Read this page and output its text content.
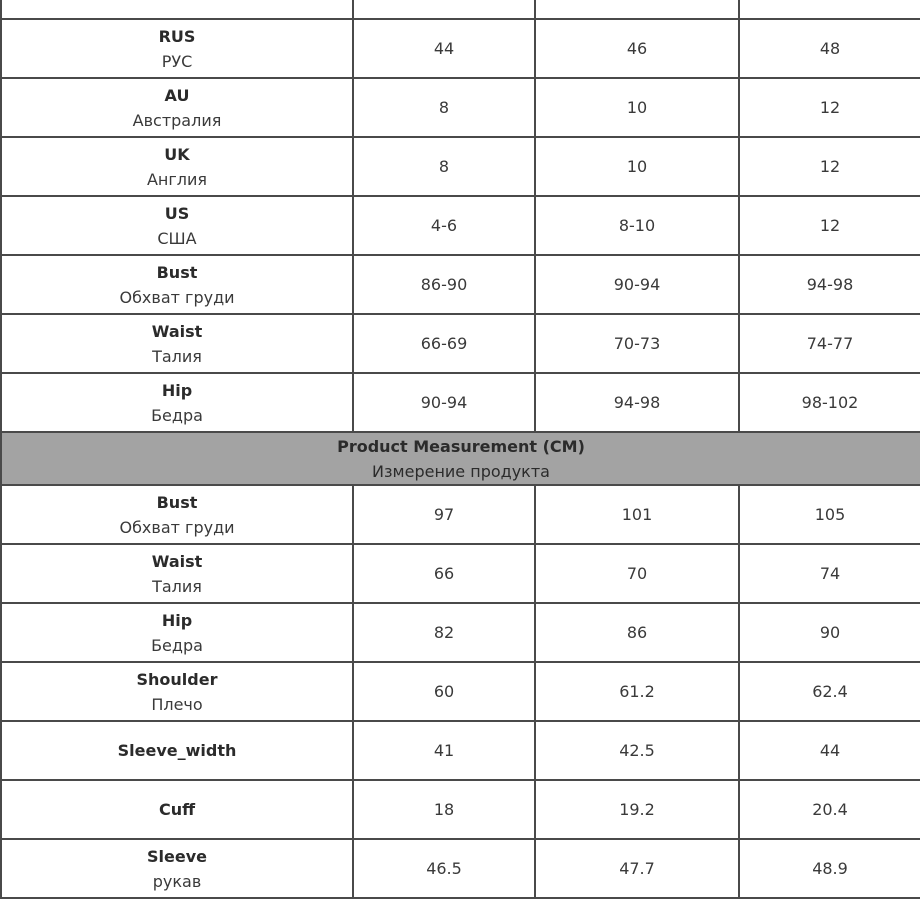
RUS
РУС	44	46	48

AU
Австралия	8	10	12

UK
Англия	8	10	12

US
США	4-6	8-10	12

Bust
Обхват груди	86-90	90-94	94-98

Waist
Талия	66-69	70-73	74-77

Hip
Бедра	90-94	94-98	98-102

Product Measurement (CM)
Измерение продукта			

Bust
Обхват груди	97	101	105

Waist
Талия	66	70	74

Hip
Бедра	82	86	90

Shoulder
Плечо	60	61.2	62.4

Sleeve_width	41	42.5	44

Cuff	18	19.2	20.4

Sleeve
рукав	46.5	47.7	48.9
